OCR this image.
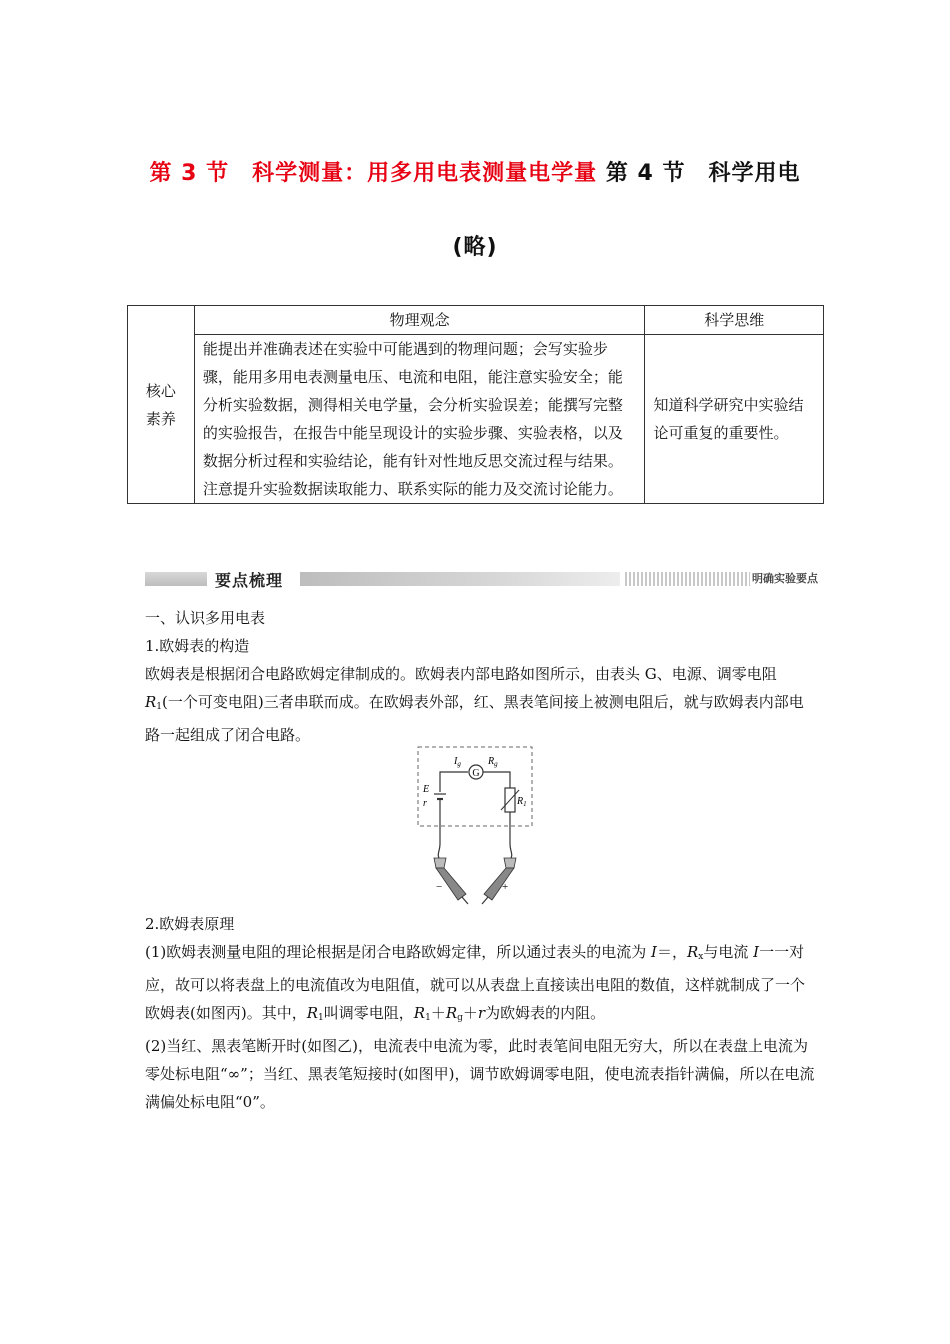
第 3 节　科学测量：用多用电表测量电学量 第 4 节　科学用电
(略)
核心
素养	物理观念	科学思维

	能提出并准确表述在实验中可能遇到的物理问题；会写实验步骤，能用多用电表测量电压、电流和电阻，能注意实验安全；能分析实验数据，测得相关电学量，会分析实验误差；能撰写完整的实验报告，在报告中能呈现设计的实验步骤、实验表格，以及数据分析过程和实验结论，能有针对性地反思交流过程与结果。
注意提升实验数据读取能力、联系实际的能力及交流讨论能力。	知道科学研究中实验结论可重复的重要性。
要点梳理	明确实验要点

一、认识多用电表

1.欧姆表的构造

欧姆表是根据闭合电路欧姆定律制成的。欧姆表内部电路如图所示，由表头 G、电源、调零电阻 $R_1$(一个可变电阻)三者串联而成。在欧姆表外部，红、黑表笔间接上被测电阻后，就与欧姆表内部电路一起组成了闭合电路。

G
$I_g$	$R_g$
E
r	$R_1$
−	+

2.欧姆表原理

(1)欧姆表测量电阻的理论根据是闭合电路欧姆定律，所以通过表头的电流为 I＝，$R_x$与电流 I一一对应，故可以将表盘上的电流值改为电阻值，就可以从表盘上直接读出电阻的数值，这样就制成了一个欧姆表(如图丙)。其中，$R_1$叫调零电阻，$R_1+R_g+r$为欧姆表的内阻。

(2)当红、黑表笔断开时(如图乙)，电流表中电流为零，此时表笔间电阻无穷大，所以在表盘上电流为零处标电阻“∞”；当红、黑表笔短接时(如图甲)，调节欧姆调零电阻，使电流表指针满偏，所以在电流满偏处标电阻“0”。
